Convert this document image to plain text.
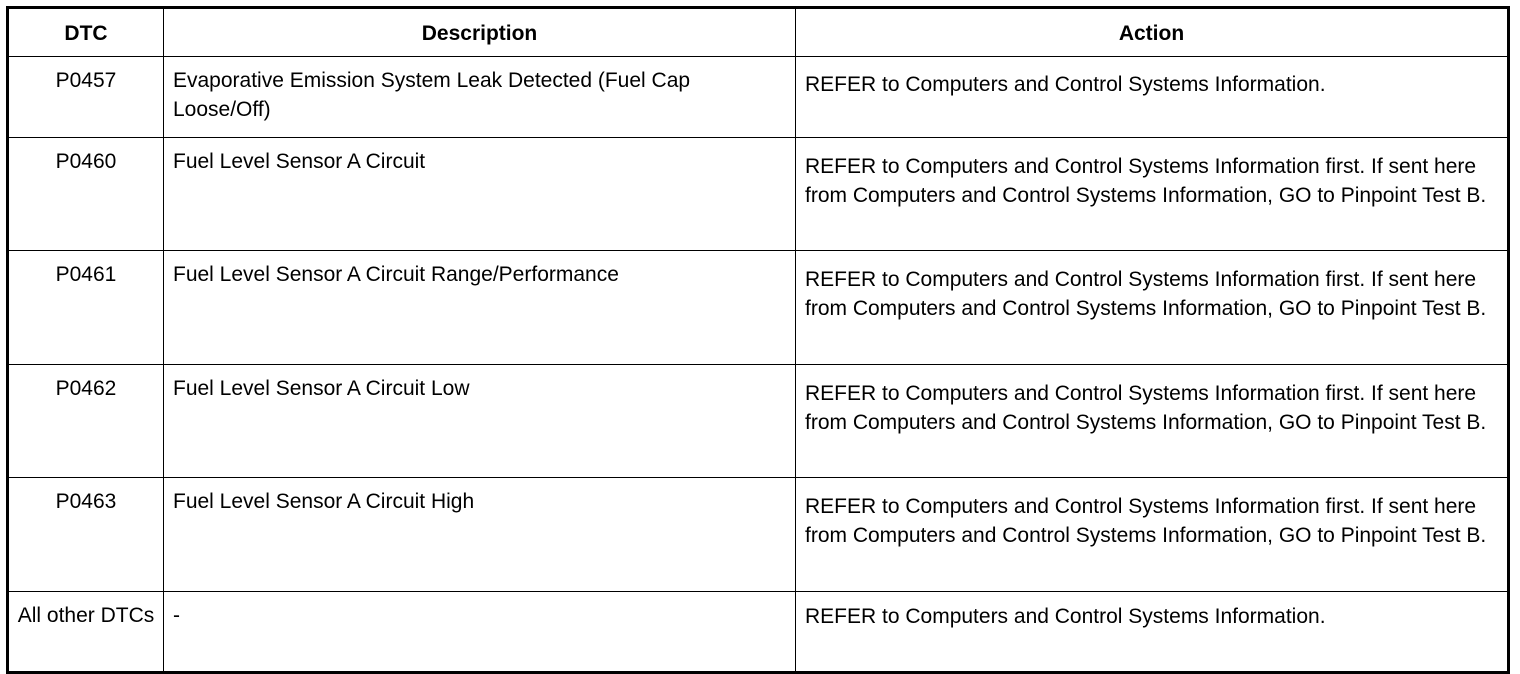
DTC	Description	Action
P0457	Evaporative Emission System Leak Detected (Fuel Cap Loose/Off)	REFER to Computers and Control Systems Information.
P0460	Fuel Level Sensor A Circuit	REFER to Computers and Control Systems Information first. If sent here from Computers and Control Systems Information, GO to Pinpoint Test B.
P0461	Fuel Level Sensor A Circuit Range/Performance	REFER to Computers and Control Systems Information first. If sent here from Computers and Control Systems Information, GO to Pinpoint Test B.
P0462	Fuel Level Sensor A Circuit Low	REFER to Computers and Control Systems Information first. If sent here from Computers and Control Systems Information, GO to Pinpoint Test B.
P0463	Fuel Level Sensor A Circuit High	REFER to Computers and Control Systems Information first. If sent here from Computers and Control Systems Information, GO to Pinpoint Test B.
All other DTCs	-	REFER to Computers and Control Systems Information.
